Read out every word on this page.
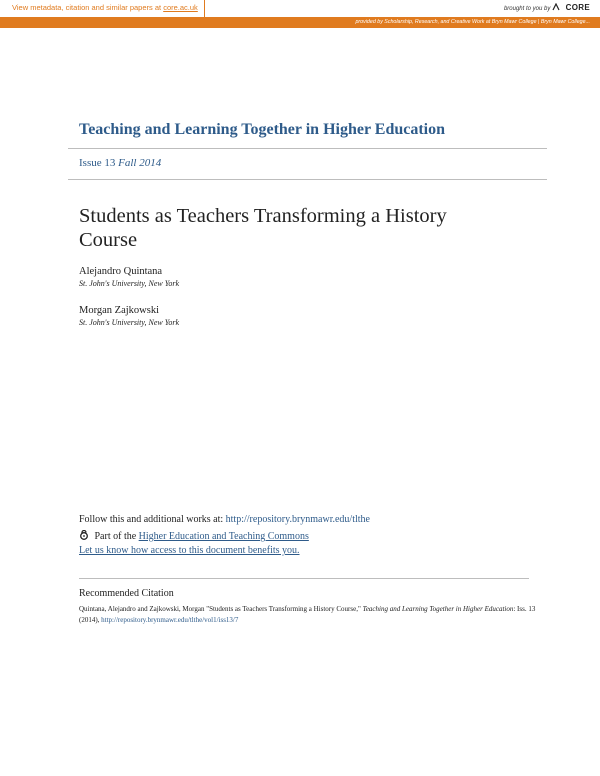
View metadata, citation and similar papers at core.ac.uk	brought to you by CORE
provided by Scholarship, Research, and Creative Work at Bryn Mawr College | Bryn Mawr College...
Teaching and Learning Together in Higher Education
Issue 13 Fall 2014
Students as Teachers Transforming a History Course
Alejandro Quintana
St. John's University, New York
Morgan Zajkowski
St. John's University, New York
Follow this and additional works at: http://repository.brynmawr.edu/tlthe
Part of the Higher Education and Teaching Commons
Let us know how access to this document benefits you.
Recommended Citation
Quintana, Alejandro and Zajkowski, Morgan "Students as Teachers Transforming a History Course," Teaching and Learning Together in Higher Education: Iss. 13 (2014), http://repository.brynmawr.edu/tlthe/vol1/iss13/7
